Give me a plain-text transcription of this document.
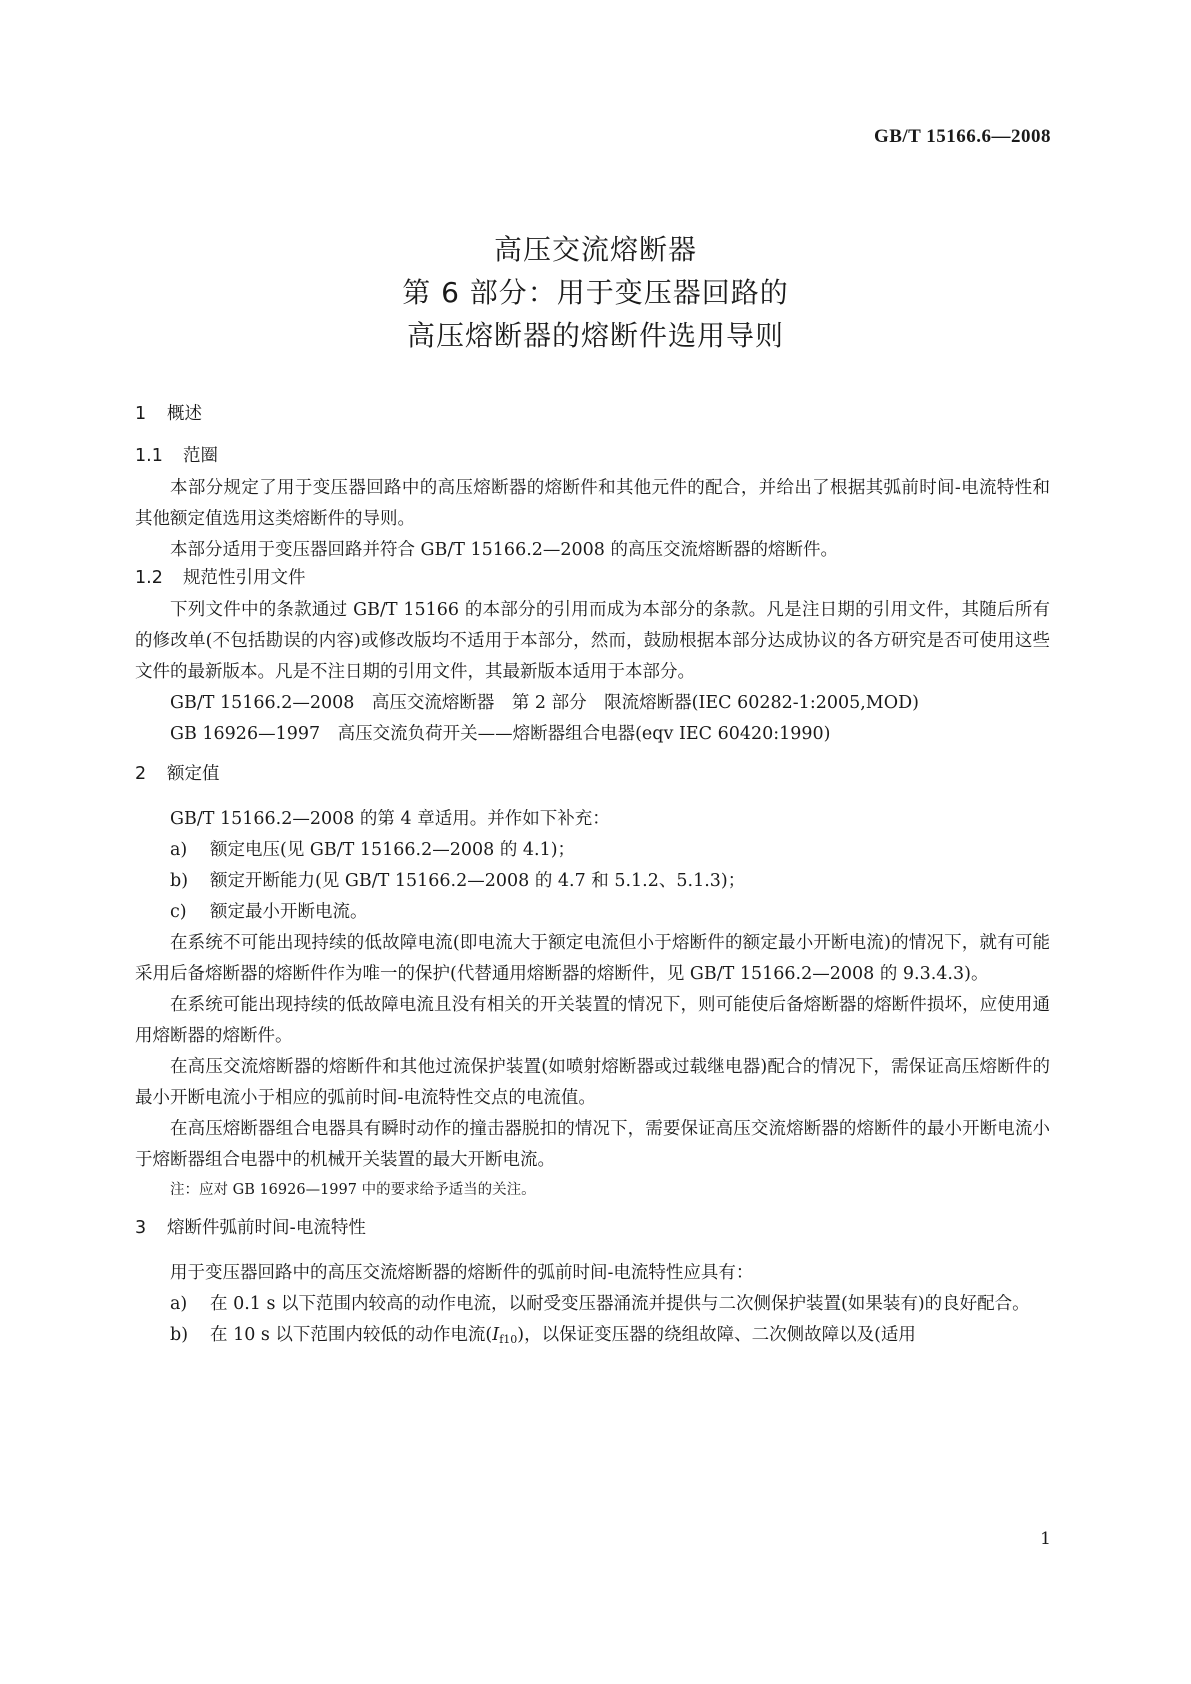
GB/T 15166.6—2008
高压交流熔断器
第 6 部分：用于变压器回路的
高压熔断器的熔断件选用导则
1 概述
1.1 范圈

本部分规定了用于变压器回路中的高压熔断器的熔断件和其他元件的配合，并给出了根据其弧前时间-电流特性和其他额定值选用这类熔断件的导则。

本部分适用于变压器回路并符合 GB/T 15166.2—2008 的高压交流熔断器的熔断件。

1.2 规范性引用文件

下列文件中的条款通过 GB/T 15166 的本部分的引用而成为本部分的条款。凡是注日期的引用文件，其随后所有的修改单(不包括勘误的内容)或修改版均不适用于本部分，然而，鼓励根据本部分达成协议的各方研究是否可使用这些文件的最新版本。凡是不注日期的引用文件，其最新版本适用于本部分。

GB/T 15166.2—2008　高压交流熔断器　第 2 部分　限流熔断器(IEC 60282-1:2005,MOD)
GB 16926—1997　高压交流负荷开关——熔断器组合电器(eqv IEC 60420:1990)
2 额定值
GB/T 15166.2—2008 的第 4 章适用。并作如下补充：
a)	额定电压(见 GB/T 15166.2—2008 的 4.1)；
b)	额定开断能力(见 GB/T 15166.2—2008 的 4.7 和 5.1.2、5.1.3)；
c)	额定最小开断电流。

在系统不可能出现持续的低故障电流(即电流大于额定电流但小于熔断件的额定最小开断电流)的情况下，就有可能采用后备熔断器的熔断件作为唯一的保护(代替通用熔断器的熔断件，见 GB/T 15166.2—2008 的 9.3.4.3)。

在系统可能出现持续的低故障电流且没有相关的开关装置的情况下，则可能使后备熔断器的熔断件损坏，应使用通用熔断器的熔断件。

在高压交流熔断器的熔断件和其他过流保护装置(如喷射熔断器或过载继电器)配合的情况下，需保证高压熔断件的最小开断电流小于相应的弧前时间-电流特性交点的电流值。

在高压熔断器组合电器具有瞬时动作的撞击器脱扣的情况下，需要保证高压交流熔断器的熔断件的最小开断电流小于熔断器组合电器中的机械开关装置的最大开断电流。

注：应对 GB 16926—1997 中的要求给予适当的关注。
3 熔断件弧前时间-电流特性
用于变压器回路中的高压交流熔断器的熔断件的弧前时间-电流特性应具有：
a)	在 0.1 s 以下范围内较高的动作电流，以耐受变压器涌流并提供与二次侧保护装置(如果装有)的良好配合。
b)	在 10 s 以下范围内较低的动作电流$(I_{f10})$，以保证变压器的绕组故障、二次侧故障以及(适用
1
